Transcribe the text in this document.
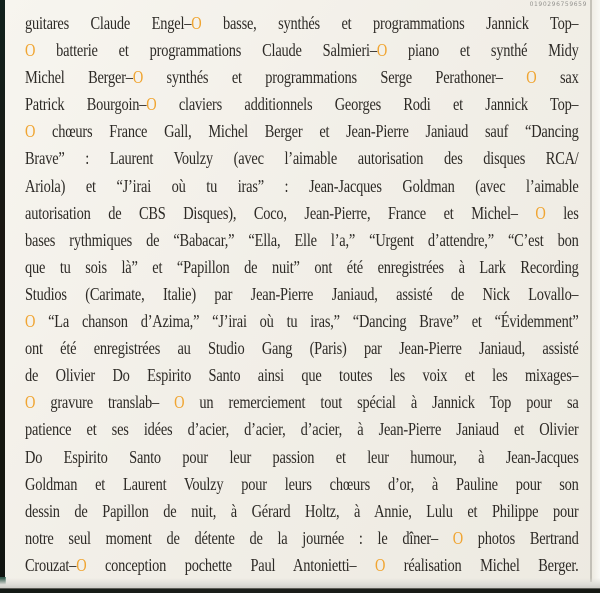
0190296759659
guitares Claude Engel–O basse, synthés et programmations Jannick Top–
O batterie et programmations Claude Salmieri–O piano et synthé Midy
Michel Berger–O synthés et programmations Serge Perathoner– O sax
Patrick Bourgoin–O claviers additionnels Georges Rodi et Jannick Top–
O chœurs France Gall, Michel Berger et Jean-Pierre Janiaud sauf “Dancing
Brave” : Laurent Voulzy (avec l’aimable autorisation des disques RCA/
Ariola) et “J’irai où tu iras” : Jean-Jacques Goldman (avec l’aimable
autorisation de CBS Disques), Coco, Jean-Pierre, France et Michel– O les
bases rythmiques de “Babacar,” “Ella, Elle l’a,” “Urgent d’attendre,” “C’est bon
que tu sois là” et “Papillon de nuit” ont été enregistrées à Lark Recording
Studios (Carimate, Italie) par Jean-Pierre Janiaud, assisté de Nick Lovallo–
O “La chanson d’Azima,” “J’irai où tu iras,” “Dancing Brave” et “Évidemment”
ont été enregistrées au Studio Gang (Paris) par Jean-Pierre Janiaud, assisté
de Olivier Do Espirito Santo ainsi que toutes les voix et les mixages–
O gravure translab– O un remerciement tout spécial à Jannick Top pour sa
patience et ses idées d’acier, d’acier, d’acier, à Jean-Pierre Janiaud et Olivier
Do Espirito Santo pour leur passion et leur humour, à Jean-Jacques
Goldman et Laurent Voulzy pour leurs chœurs d’or, à Pauline pour son
dessin de Papillon de nuit, à Gérard Holtz, à Annie, Lulu et Philippe pour
notre seul moment de détente de la journée : le dîner– O photos Bertrand
Crouzat–O conception pochette Paul Antonietti– O réalisation Michel Berger.
